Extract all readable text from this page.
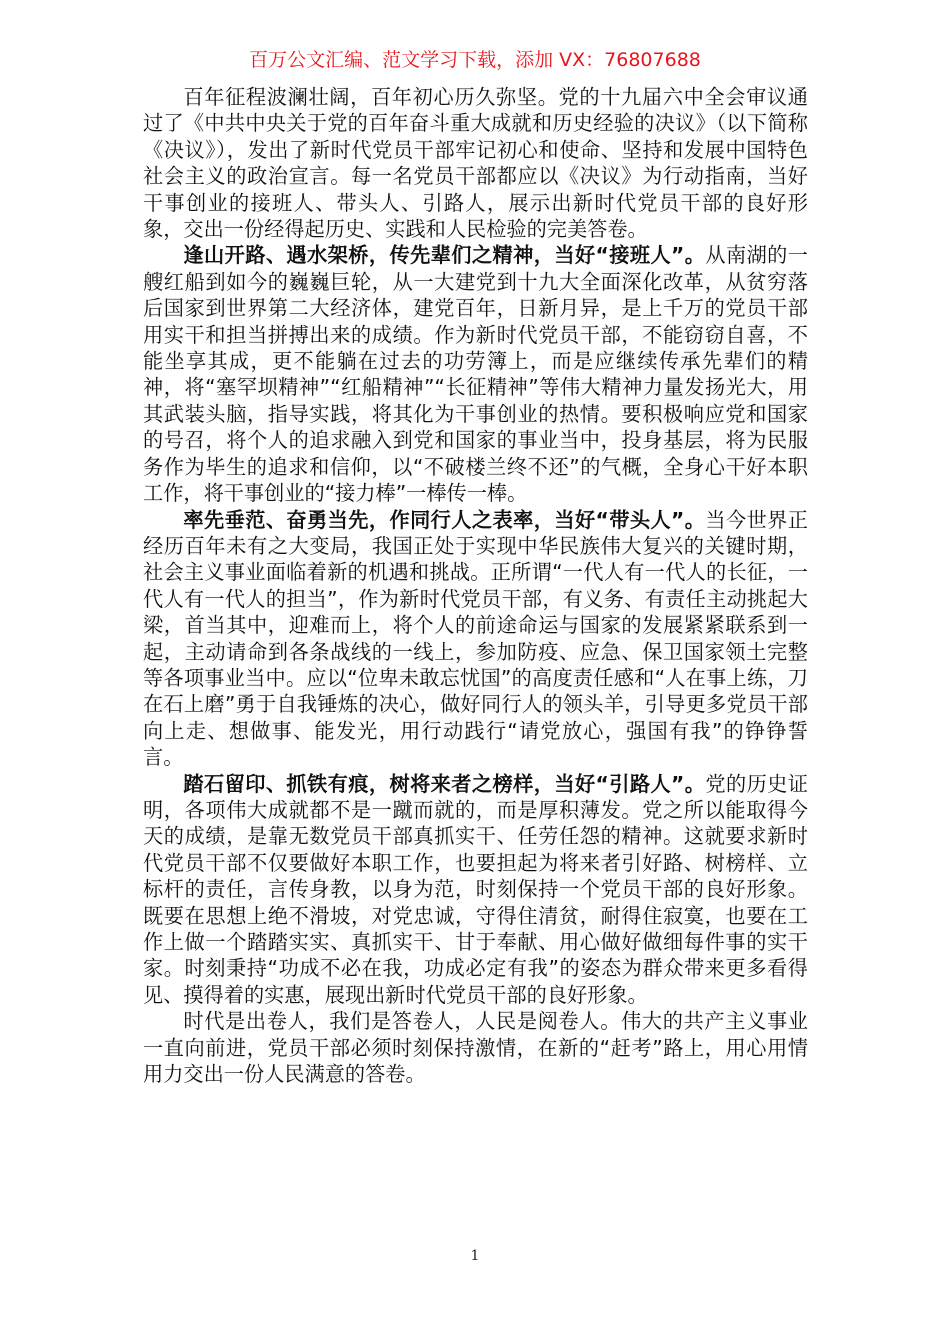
百万公文汇编、范文学习下载，添加 VX：76807688

百年征程波澜壮阔，百年初心历久弥坚。党的十九届六中全会审议通过了《中共中央关于党的百年奋斗重大成就和历史经验的决议》（以下简称《决议》），发出了新时代党员干部牢记初心和使命、坚持和发展中国特色社会主义的政治宣言。每一名党员干部都应以《决议》为行动指南，当好干事创业的接班人、带头人、引路人，展示出新时代党员干部的良好形象，交出一份经得起历史、实践和人民检验的完美答卷。

逢山开路、遇水架桥，传先辈们之精神，当好“接班人”。从南湖的一艘红船到如今的巍巍巨轮，从一大建党到十九大全面深化改革，从贫穷落后国家到世界第二大经济体，建党百年，日新月异，是上千万的党员干部用实干和担当拼搏出来的成绩。作为新时代党员干部，不能窃窃自喜，不能坐享其成，更不能躺在过去的功劳簿上，而是应继续传承先辈们的精神，将“塞罕坝精神”“红船精神”“长征精神”等伟大精神力量发扬光大，用其武装头脑，指导实践，将其化为干事创业的热情。要积极响应党和国家的号召，将个人的追求融入到党和国家的事业当中，投身基层，将为民服务作为毕生的追求和信仰，以“不破楼兰终不还”的气概，全身心干好本职工作，将干事创业的“接力棒”一棒传一棒。

率先垂范、奋勇当先，作同行人之表率，当好“带头人”。当今世界正经历百年未有之大变局，我国正处于实现中华民族伟大复兴的关键时期，社会主义事业面临着新的机遇和挑战。正所谓“一代人有一代人的长征，一代人有一代人的担当”，作为新时代党员干部，有义务、有责任主动挑起大梁，首当其中，迎难而上，将个人的前途命运与国家的发展紧紧联系到一起，主动请命到各条战线的一线上，参加防疫、应急、保卫国家领土完整等各项事业当中。应以“位卑未敢忘忧国”的高度责任感和“人在事上练，刀在石上磨”勇于自我锤炼的决心，做好同行人的领头羊，引导更多党员干部向上走、想做事、能发光，用行动践行“请党放心，强国有我”的铮铮誓言。

踏石留印、抓铁有痕，树将来者之榜样，当好“引路人”。党的历史证明，各项伟大成就都不是一蹴而就的，而是厚积薄发。党之所以能取得今天的成绩，是靠无数党员干部真抓实干、任劳任怨的精神。这就要求新时代党员干部不仅要做好本职工作，也要担起为将来者引好路、树榜样、立标杆的责任，言传身教，以身为范，时刻保持一个党员干部的良好形象。既要在思想上绝不滑坡，对党忠诚，守得住清贫，耐得住寂寞，也要在工作上做一个踏踏实实、真抓实干、甘于奉献、用心做好做细每件事的实干家。时刻秉持“功成不必在我，功成必定有我”的姿态为群众带来更多看得见、摸得着的实惠，展现出新时代党员干部的良好形象。

时代是出卷人，我们是答卷人，人民是阅卷人。伟大的共产主义事业一直向前进，党员干部必须时刻保持激情，在新的“赶考”路上，用心用情用力交出一份人民满意的答卷。

1
